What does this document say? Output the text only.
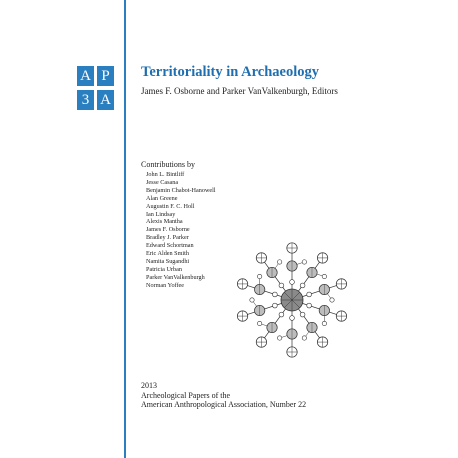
A P
3 A
Territoriality in Archaeology
James F. Osborne and Parker VanValkenburgh, Editors
Contributions by
John L. Bintliff
Jesse Casana
Benjamin Chabot-Hanowell
Alan Greene
Augustin F. C. Holl
Ian Lindsay
Alexis Mantha
James F. Osborne
Bradley J. Parker
Edward Schortman
Eric Alden Smith
Namita Sugandhi
Patricia Urban
Parker VanValkenburgh
Norman Yoffee
2013
Archeological Papers of the
American Anthropological Association, Number 22
